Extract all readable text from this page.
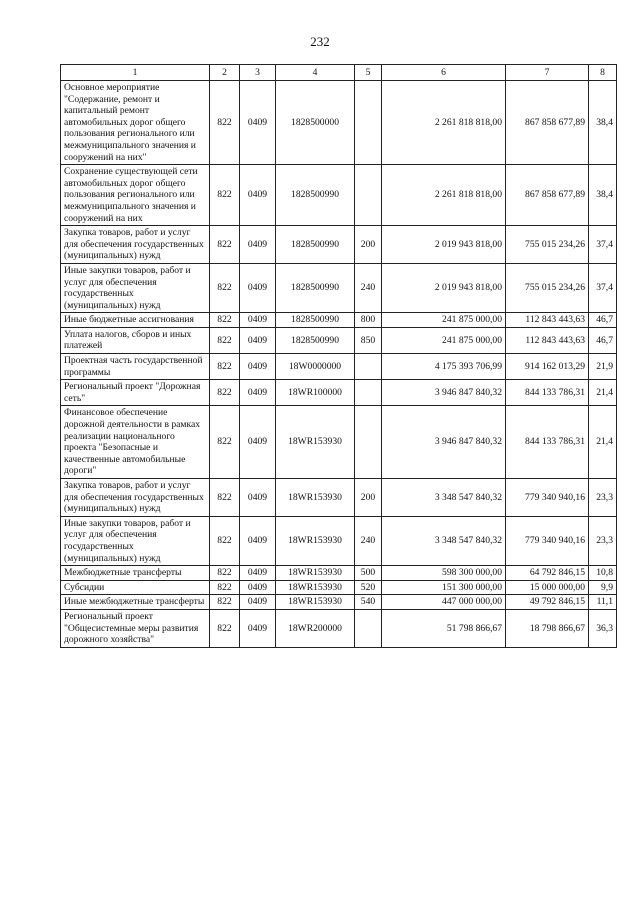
232
1	2	3	4	5	6	7	8
Основное мероприятие "Содержание, ремонт и капитальный ремонт автомобильных дорог общего пользования регионального или межмуниципального значения и сооружений на них"	822	0409	1828500000		2 261 818 818,00	867 858 677,89	38,4
Сохранение существующей сети автомобильных дорог общего пользования регионального или межмуниципального значения и сооружений на них	822	0409	1828500990		2 261 818 818,00	867 858 677,89	38,4
Закупка товаров, работ и услуг для обеспечения государственных (муниципальных) нужд	822	0409	1828500990	200	2 019 943 818,00	755 015 234,26	37,4
Иные закупки товаров, работ и услуг для обеспечения государственных (муниципальных) нужд	822	0409	1828500990	240	2 019 943 818,00	755 015 234,26	37,4
Иные бюджетные ассигнования	822	0409	1828500990	800	241 875 000,00	112 843 443,63	46,7
Уплата налогов, сборов и иных платежей	822	0409	1828500990	850	241 875 000,00	112 843 443,63	46,7
Проектная часть государственной программы	822	0409	18W0000000		4 175 393 706,99	914 162 013,29	21,9
Региональный проект "Дорожная сеть"	822	0409	18WR100000		3 946 847 840,32	844 133 786,31	21,4
Финансовое обеспечение дорожной деятельности в рамках реализации национального проекта "Безопасные и качественные автомобильные дороги"	822	0409	18WR153930		3 946 847 840,32	844 133 786,31	21,4
Закупка товаров, работ и услуг для обеспечения государственных (муниципальных) нужд	822	0409	18WR153930	200	3 348 547 840,32	779 340 940,16	23,3
Иные закупки товаров, работ и услуг для обеспечения государственных (муниципальных) нужд	822	0409	18WR153930	240	3 348 547 840,32	779 340 940,16	23,3
Межбюджетные трансферты	822	0409	18WR153930	500	598 300 000,00	64 792 846,15	10,8
Субсидии	822	0409	18WR153930	520	151 300 000,00	15 000 000,00	9,9
Иные межбюджетные трансферты	822	0409	18WR153930	540	447 000 000,00	49 792 846,15	11,1
Региональный проект "Общесистемные меры развития дорожного хозяйства"	822	0409	18WR200000		51 798 866,67	18 798 866,67	36,3
